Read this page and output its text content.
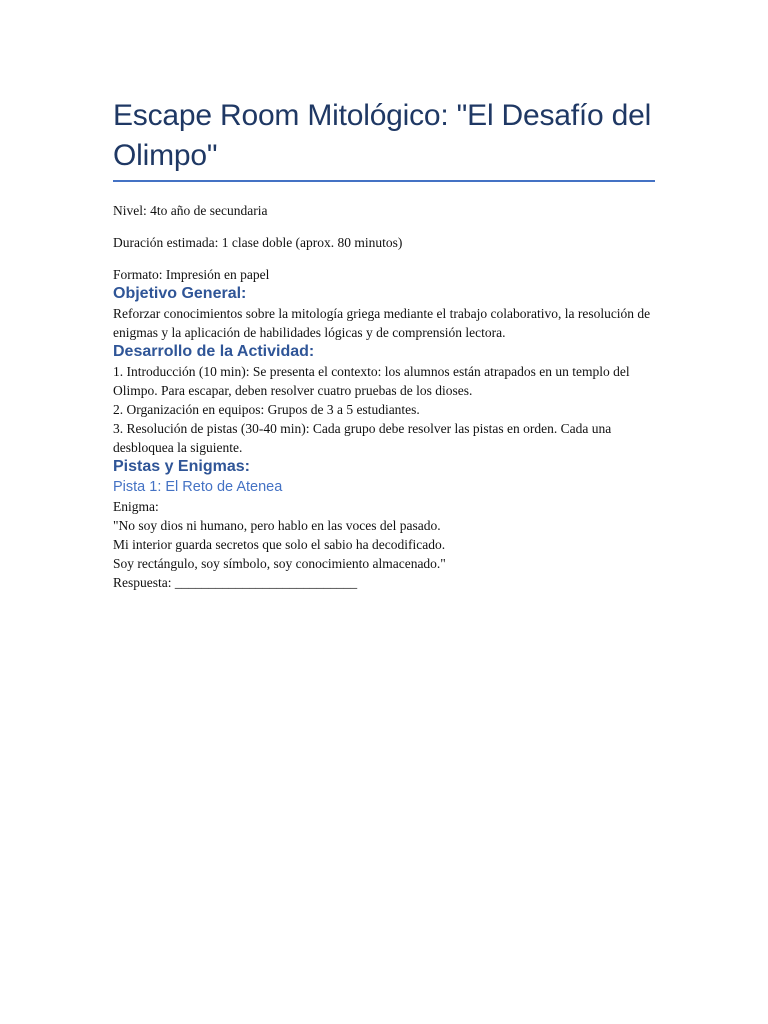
Escape Room Mitológico: "El Desafío del Olimpo"

Nivel: 4to año de secundaria

Duración estimada: 1 clase doble (aprox. 80 minutos)

Formato: Impresión en papel

Objetivo General:

Reforzar conocimientos sobre la mitología griega mediante el trabajo colaborativo, la resolución de enigmas y la aplicación de habilidades lógicas y de comprensión lectora.

Desarrollo de la Actividad:

1. Introducción (10 min): Se presenta el contexto: los alumnos están atrapados en un templo del Olimpo. Para escapar, deben resolver cuatro pruebas de los dioses.

2. Organización en equipos: Grupos de 3 a 5 estudiantes.

3. Resolución de pistas (30-40 min): Cada grupo debe resolver las pistas en orden. Cada una desbloquea la siguiente.

Pistas y Enigmas:
Pista 1: El Reto de Atenea

Enigma:
"No soy dios ni humano, pero hablo en las voces del pasado.
Mi interior guarda secretos que solo el sabio ha decodificado.
Soy rectángulo, soy símbolo, soy conocimiento almacenado."

Respuesta: ___________________________
